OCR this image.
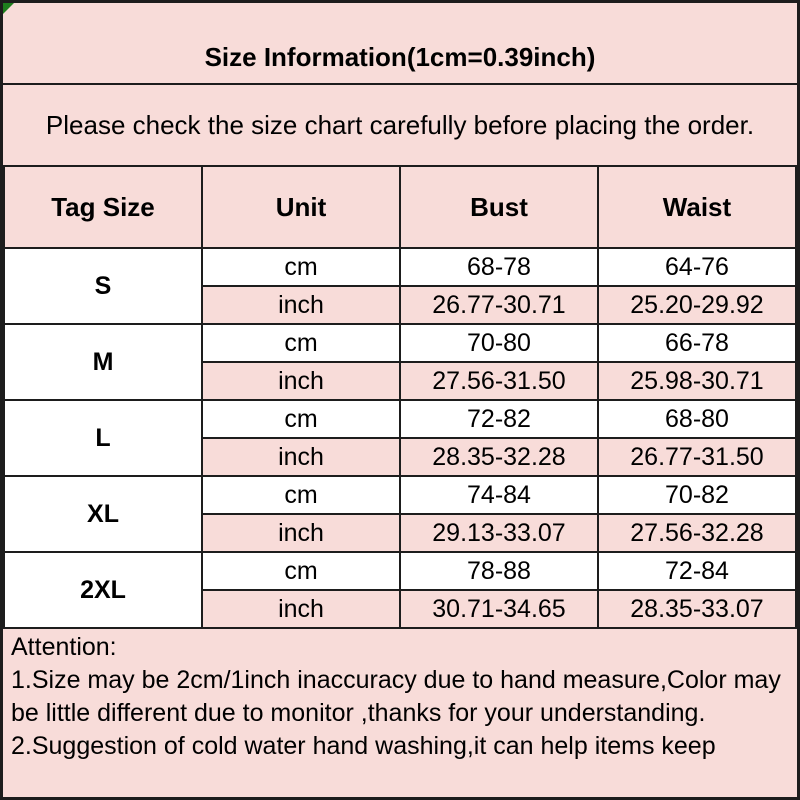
Size Information(1cm=0.39inch)
Please check the size chart carefully before placing the order.
Tag Size	Unit	Bust	Waist
S	cm	68-78	64-76
	inch	26.77-30.71	25.20-29.92
M	cm	70-80	66-78
	inch	27.56-31.50	25.98-30.71
L	cm	72-82	68-80
	inch	28.35-32.28	26.77-31.50
XL	cm	74-84	70-82
	inch	29.13-33.07	27.56-32.28
2XL	cm	78-88	72-84
	inch	30.71-34.65	28.35-33.07
Attention:
1.Size may be 2cm/1inch inaccuracy due to hand measure,Color may be little different due to monitor ,thanks for your understanding.
2.Suggestion of cold water hand washing,it can help items keep
